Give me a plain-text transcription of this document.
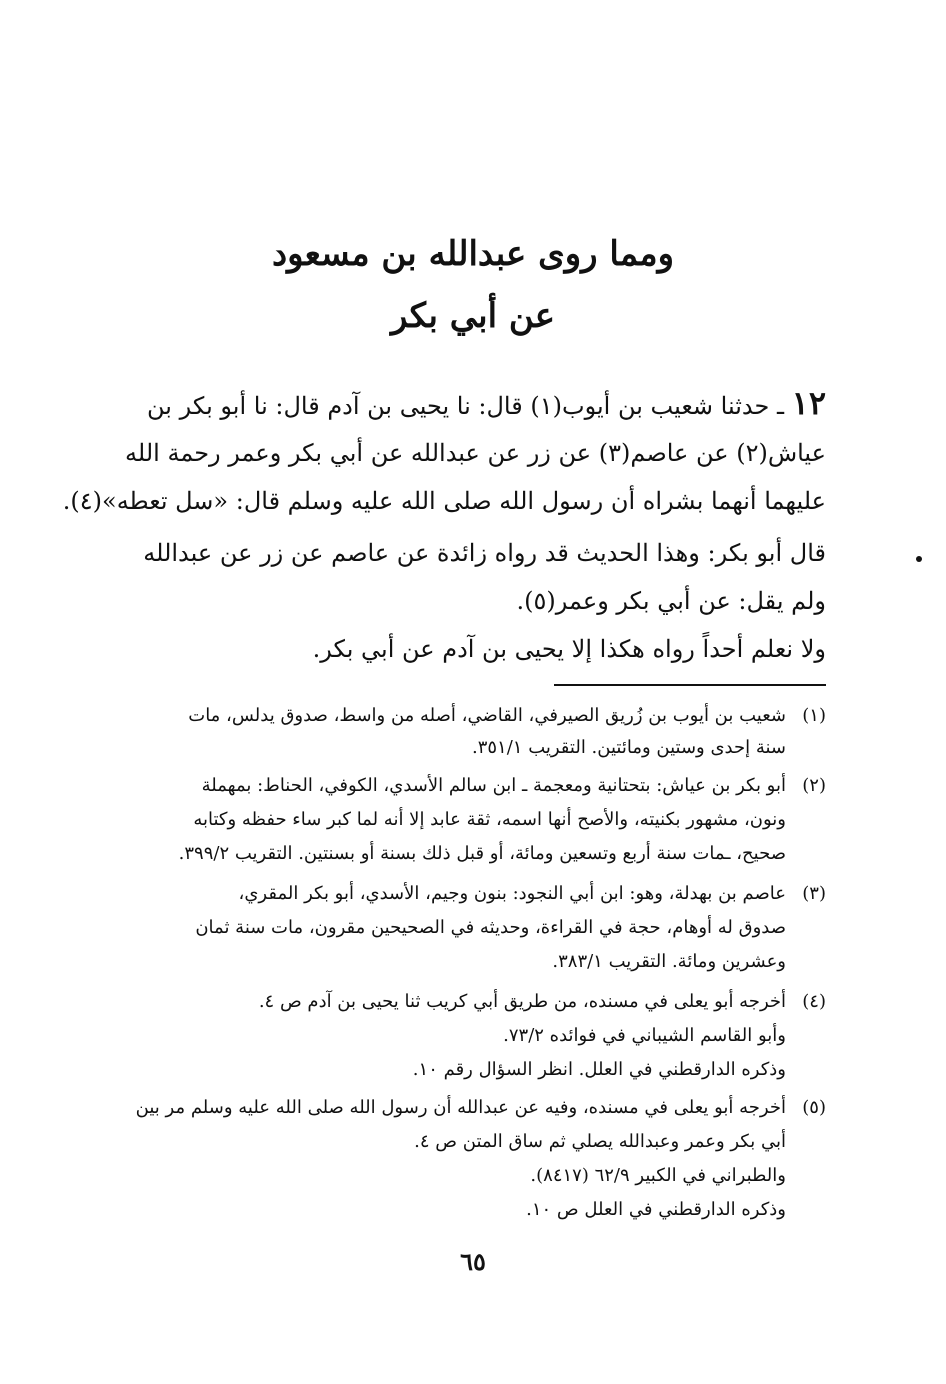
ومما روى عبدالله بن مسعود
عن أبي بكر
١٢ ـ حدثنا شعيب بن أيوب(١) قال: نا يحيى بن آدم قال: نا أبو بكر بن
عياش(٢) عن عاصم(٣) عن زر عن عبدالله عن أبي بكر وعمر رحمة الله
عليهما أنهما بشراه أن رسول الله صلى الله عليه وسلم قال: «سل تعطه»(٤).
قال أبو بكر: وهذا الحديث قد رواه زائدة عن عاصم عن زر عن عبدالله
ولم يقل: عن أبي بكر وعمر(٥).
ولا نعلم أحداً رواه هكذا إلا يحيى بن آدم عن أبي بكر.
(١)
شعيب بن أيوب بن زُريق الصيرفي، القاضي، أصله من واسط، صدوق يدلس، مات
سنة إحدى وستين ومائتين. التقريب ٣٥١/١.
(٢)
أبو بكر بن عياش: بتحتانية ومعجمة ـ ابن سالم الأسدي، الكوفي، الحناط: بمهملة
ونون، مشهور بكنيته، والأصح أنها اسمه، ثقة عابد إلا أنه لما كبر ساء حفظه وكتابه
صحيح، ـمات سنة أربع وتسعين ومائة، أو قبل ذلك بسنة أو بسنتين. التقريب ٣٩٩/٢.
(٣)
عاصم بن بهدلة، وهو: ابن أبي النجود: بنون وجيم، الأسدي، أبو بكر المقري،
صدوق له أوهام، حجة في القراءة، وحديثه في الصحيحين مقرون، مات سنة ثمان
وعشرين ومائة. التقريب ٣٨٣/١.
(٤)
أخرجه أبو يعلى في مسنده، من طريق أبي كريب ثنا يحيى بن آدم ص ٤.
وأبو القاسم الشيباني في فوائده ٧٣/٢.
وذكره الدارقطني في العلل. انظر السؤال رقم ١٠.
(٥)
أخرجه أبو يعلى في مسنده، وفيه عن عبدالله أن رسول الله صلى الله عليه وسلم مر بين
أبي بكر وعمر وعبدالله يصلي ثم ساق المتن ص ٤.
والطبراني في الكبير ٦٢/٩ (٨٤١٧).
وذكره الدارقطني في العلل ص ١٠.
٦٥
